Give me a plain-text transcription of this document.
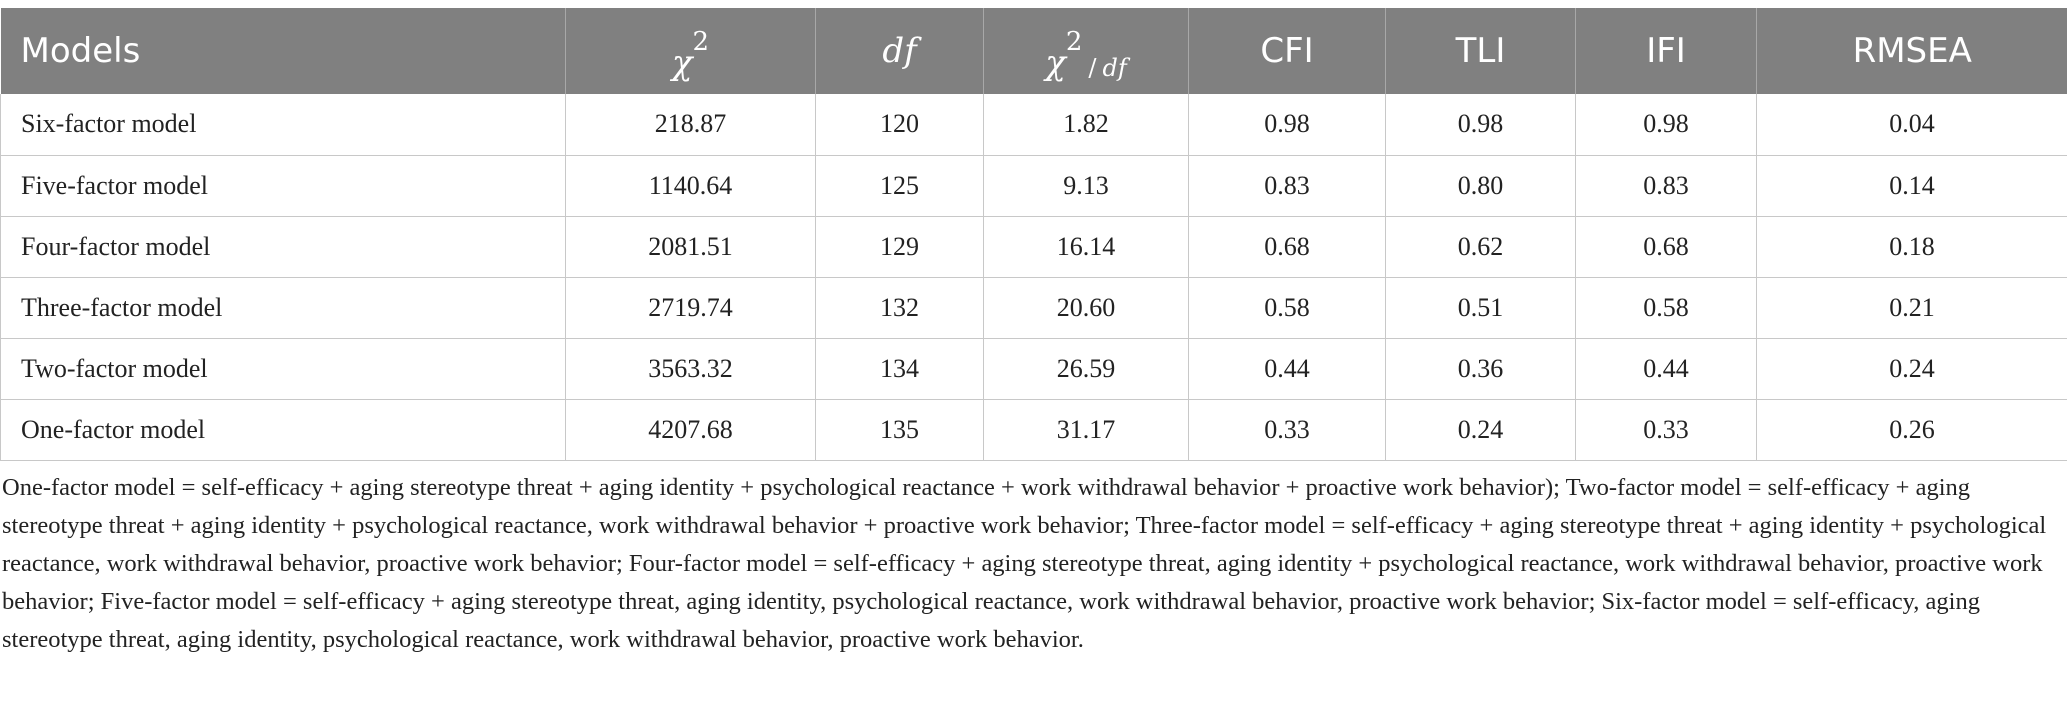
Models	$\chi^2$	df	$\chi^2_/$ $_{df}$	CFI	TLI	IFI	RMSEA
Six-factor model	218.87	120	1.82	0.98	0.98	0.98	0.04
Five-factor model	1140.64	125	9.13	0.83	0.80	0.83	0.14
Four-factor model	2081.51	129	16.14	0.68	0.62	0.68	0.18
Three-factor model	2719.74	132	20.60	0.58	0.51	0.58	0.21
Two-factor model	3563.32	134	26.59	0.44	0.36	0.44	0.24
One-factor model	4207.68	135	31.17	0.33	0.24	0.33	0.26

One-factor model = self-efficacy + aging stereotype threat + aging identity + psychological reactance + work withdrawal behavior + proactive work behavior); Two-factor model = self-efficacy + aging stereotype threat + aging identity + psychological reactance, work withdrawal behavior + proactive work behavior; Three-factor model = self-efficacy + aging stereotype threat + aging identity + psychological reactance, work withdrawal behavior, proactive work behavior; Four-factor model = self-efficacy + aging stereotype threat, aging identity + psychological reactance, work withdrawal behavior, proactive work behavior; Five-factor model = self-efficacy + aging stereotype threat, aging identity, psychological reactance, work withdrawal behavior, proactive work behavior; Six-factor model = self-efficacy, aging stereotype threat, aging identity, psychological reactance, work withdrawal behavior, proactive work behavior.
